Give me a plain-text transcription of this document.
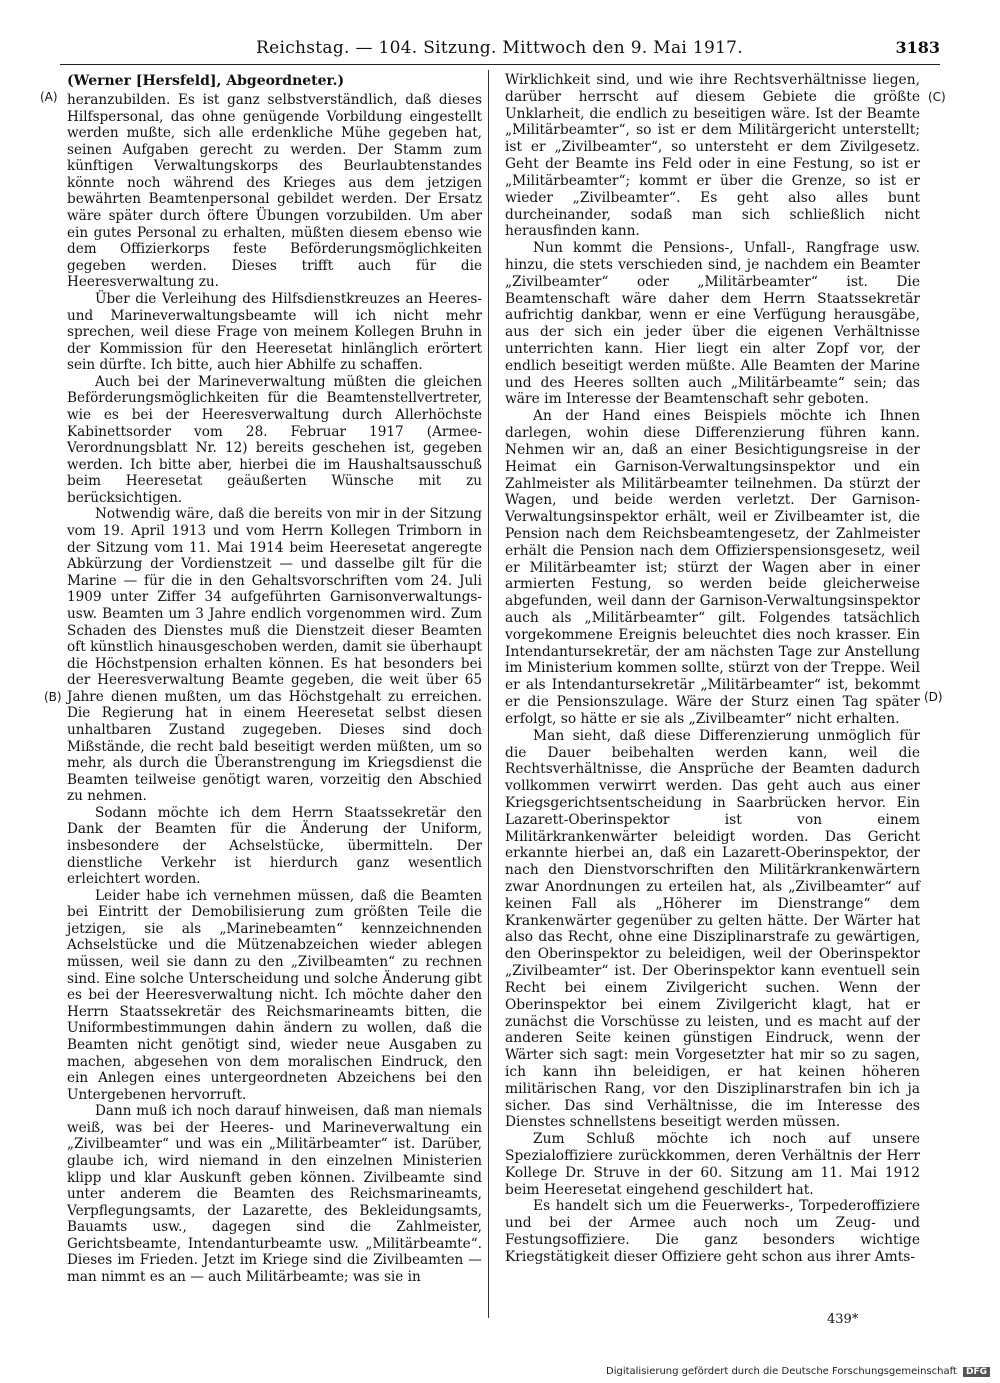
Reichstag. — 104. Sitzung. Mittwoch den 9. Mai 1917.	3183
(A)
(B)
(C)
(D)
(Werner [Hersfeld], Abgeordneter.)

heranzubilden. Es ist ganz selbstverständlich, daß dieses Hilfspersonal, das ohne genügende Vorbildung eingestellt werden mußte, sich alle erdenkliche Mühe gegeben hat, seinen Aufgaben gerecht zu werden. Der Stamm zum künftigen Verwaltungskorps des Beurlaubtenstandes könnte noch während des Krieges aus dem jetzigen bewährten Beamtenpersonal gebildet werden. Der Ersatz wäre später durch öftere Übungen vorzubilden. Um aber ein gutes Personal zu erhalten, müßten diesem ebenso wie dem Offizierkorps feste Beförderungsmöglichkeiten gegeben werden. Dieses trifft auch für die Heeresverwaltung zu.

Über die Verleihung des Hilfsdienstkreuzes an Heeres- und Marineverwaltungsbeamte will ich nicht mehr sprechen, weil diese Frage von meinem Kollegen Bruhn in der Kommission für den Heeresetat hinlänglich erörtert sein dürfte. Ich bitte, auch hier Abhilfe zu schaffen.

Auch bei der Marineverwaltung müßten die gleichen Beförderungsmöglichkeiten für die Beamtenstellvertreter, wie es bei der Heeresverwaltung durch Allerhöchste Kabinettsorder vom 28. Februar 1917 (Armee-Verordnungsblatt Nr. 12) bereits geschehen ist, gegeben werden. Ich bitte aber, hierbei die im Haushaltsausschuß beim Heeresetat geäußerten Wünsche mit zu berücksichtigen.

Notwendig wäre, daß die bereits von mir in der Sitzung vom 19. April 1913 und vom Herrn Kollegen Trimborn in der Sitzung vom 11. Mai 1914 beim Heeresetat angeregte Abkürzung der Vordienstzeit — und dasselbe gilt für die Marine — für die in den Gehaltsvorschriften vom 24. Juli 1909 unter Ziffer 34 aufgeführten Garnisonverwaltungs- usw. Beamten um 3 Jahre endlich vorgenommen wird. Zum Schaden des Dienstes muß die Dienstzeit dieser Beamten oft künstlich hinausgeschoben werden, damit sie überhaupt die Höchstpension erhalten können. Es hat besonders bei der Heeresverwaltung Beamte gegeben, die weit über 65 Jahre dienen mußten, um das Höchstgehalt zu erreichen. Die Regierung hat in einem Heeresetat selbst diesen unhaltbaren Zustand zugegeben. Dieses sind doch Mißstände, die recht bald beseitigt werden müßten, um so mehr, als durch die Überanstrengung im Kriegsdienst die Beamten teilweise genötigt waren, vorzeitig den Abschied zu nehmen.

Sodann möchte ich dem Herrn Staatssekretär den Dank der Beamten für die Änderung der Uniform, insbesondere der Achselstücke, übermitteln. Der dienstliche Verkehr ist hierdurch ganz wesentlich erleichtert worden.

Leider habe ich vernehmen müssen, daß die Beamten bei Eintritt der Demobilisierung zum größten Teile die jetzigen, sie als „Marinebeamten“ kennzeichnenden Achselstücke und die Mützenabzeichen wieder ablegen müssen, weil sie dann zu den „Zivilbeamten“ zu rechnen sind. Eine solche Unterscheidung und solche Änderung gibt es bei der Heeresverwaltung nicht. Ich möchte daher den Herrn Staatssekretär des Reichsmarineamts bitten, die Uniformbestimmungen dahin ändern zu wollen, daß die Beamten nicht genötigt sind, wieder neue Ausgaben zu machen, abgesehen von dem moralischen Eindruck, den ein Anlegen eines untergeordneten Abzeichens bei den Untergebenen hervorruft.

Dann muß ich noch darauf hinweisen, daß man niemals weiß, was bei der Heeres- und Marineverwaltung ein „Zivilbeamter“ und was ein „Militärbeamter“ ist. Darüber, glaube ich, wird niemand in den einzelnen Ministerien klipp und klar Auskunft geben können. Zivilbeamte sind unter anderem die Beamten des Reichsmarineamts, Verpflegungsamts, der Lazarette, des Bekleidungsamts, Bauamts usw., dagegen sind die Zahlmeister, Gerichtsbeamte, Intendanturbeamte usw. „Militärbeamte“. Dieses im Frieden. Jetzt im Kriege sind die Zivilbeamten — man nimmt es an — auch Militärbeamte; was sie in

Wirklichkeit sind, und wie ihre Rechtsverhältnisse liegen, darüber herrscht auf diesem Gebiete die größte Unklarheit, die endlich zu beseitigen wäre. Ist der Beamte „Militärbeamter“, so ist er dem Militärgericht unterstellt; ist er „Zivilbeamter“, so untersteht er dem Zivilgesetz. Geht der Beamte ins Feld oder in eine Festung, so ist er „Militärbeamter“; kommt er über die Grenze, so ist er wieder „Zivilbeamter“. Es geht also alles bunt durcheinander, sodaß man sich schließlich nicht herausfinden kann.

Nun kommt die Pensions-, Unfall-, Rangfrage usw. hinzu, die stets verschieden sind, je nachdem ein Beamter „Zivilbeamter“ oder „Militärbeamter“ ist. Die Beamtenschaft wäre daher dem Herrn Staatssekretär aufrichtig dankbar, wenn er eine Verfügung herausgäbe, aus der sich ein jeder über die eigenen Verhältnisse unterrichten kann. Hier liegt ein alter Zopf vor, der endlich beseitigt werden müßte. Alle Beamten der Marine und des Heeres sollten auch „Militärbeamte“ sein; das wäre im Interesse der Beamtenschaft sehr geboten.

An der Hand eines Beispiels möchte ich Ihnen darlegen, wohin diese Differenzierung führen kann. Nehmen wir an, daß an einer Besichtigungsreise in der Heimat ein Garnison-Verwaltungsinspektor und ein Zahlmeister als Militärbeamter teilnehmen. Da stürzt der Wagen, und beide werden verletzt. Der Garnison-Verwaltungsinspektor erhält, weil er Zivilbeamter ist, die Pension nach dem Reichsbeamtengesetz, der Zahlmeister erhält die Pension nach dem Offizierspensionsgesetz, weil er Militärbeamter ist; stürzt der Wagen aber in einer armierten Festung, so werden beide gleicherweise abgefunden, weil dann der Garnison-Verwaltungsinspektor auch als „Militärbeamter“ gilt. Folgendes tatsächlich vorgekommene Ereignis beleuchtet dies noch krasser. Ein Intendantursekretär, der am nächsten Tage zur Anstellung im Ministerium kommen sollte, stürzt von der Treppe. Weil er als Intendantursekretär „Militärbeamter“ ist, bekommt er die Pensionszulage. Wäre der Sturz einen Tag später erfolgt, so hätte er sie als „Zivilbeamter“ nicht erhalten.

Man sieht, daß diese Differenzierung unmöglich für die Dauer beibehalten werden kann, weil die Rechtsverhältnisse, die Ansprüche der Beamten dadurch vollkommen verwirrt werden. Das geht auch aus einer Kriegsgerichtsentscheidung in Saarbrücken hervor. Ein Lazarett-Oberinspektor ist von einem Militärkrankenwärter beleidigt worden. Das Gericht erkannte hierbei an, daß ein Lazarett-Oberinspektor, der nach den Dienstvorschriften den Militärkrankenwärtern zwar Anordnungen zu erteilen hat, als „Zivilbeamter“ auf keinen Fall als „Höherer im Dienstrange“ dem Krankenwärter gegenüber zu gelten hätte. Der Wärter hat also das Recht, ohne eine Disziplinarstrafe zu gewärtigen, den Oberinspektor zu beleidigen, weil der Oberinspektor „Zivilbeamter“ ist. Der Oberinspektor kann eventuell sein Recht bei einem Zivilgericht suchen. Wenn der Oberinspektor bei einem Zivilgericht klagt, hat er zunächst die Vorschüsse zu leisten, und es macht auf der anderen Seite keinen günstigen Eindruck, wenn der Wärter sich sagt: mein Vorgesetzter hat mir so zu sagen, ich kann ihn beleidigen, er hat keinen höheren militärischen Rang, vor den Disziplinarstrafen bin ich ja sicher. Das sind Verhältnisse, die im Interesse des Dienstes schnellstens beseitigt werden müssen.

Zum Schluß möchte ich noch auf unsere Spezialoffiziere zurückkommen, deren Verhältnis der Herr Kollege Dr. Struve in der 60. Sitzung am 11. Mai 1912 beim Heeresetat eingehend geschildert hat.

Es handelt sich um die Feuerwerks-, Torpederoffiziere und bei der Armee auch noch um Zeug- und Festungsoffiziere. Die ganz besonders wichtige Kriegstätigkeit dieser Offiziere geht schon aus ihrer Amts-

439*
Digitalisierung gefördert durch die Deutsche Forschungsgemeinschaft DFG
